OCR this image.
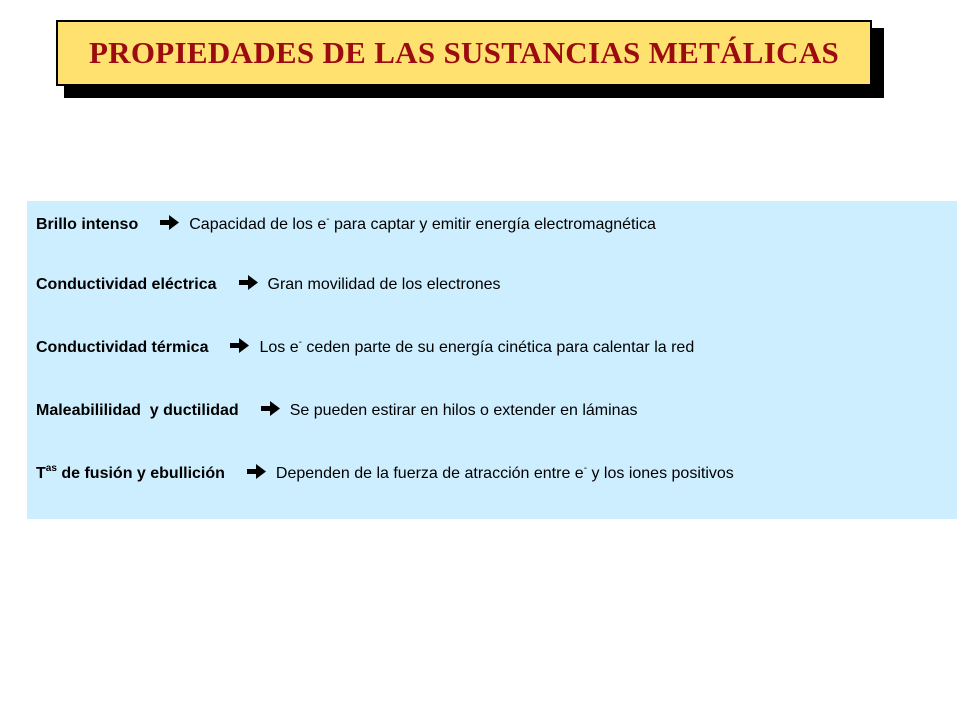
PROPIEDADES DE LAS SUSTANCIAS METÁLICAS
Brillo intenso	Capacidad de los e- para captar y emitir energía electromagnética
Conductividad eléctrica	Gran movilidad de los electrones
Conductividad térmica	Los e- ceden parte de su energía cinética para calentar la red
Maleabililidad  y ductilidad	Se pueden estirar en hilos o extender en láminas
$T^{as}$ de fusión y ebullición	Dependen de la fuerza de atracción entre e- y los iones positivos
